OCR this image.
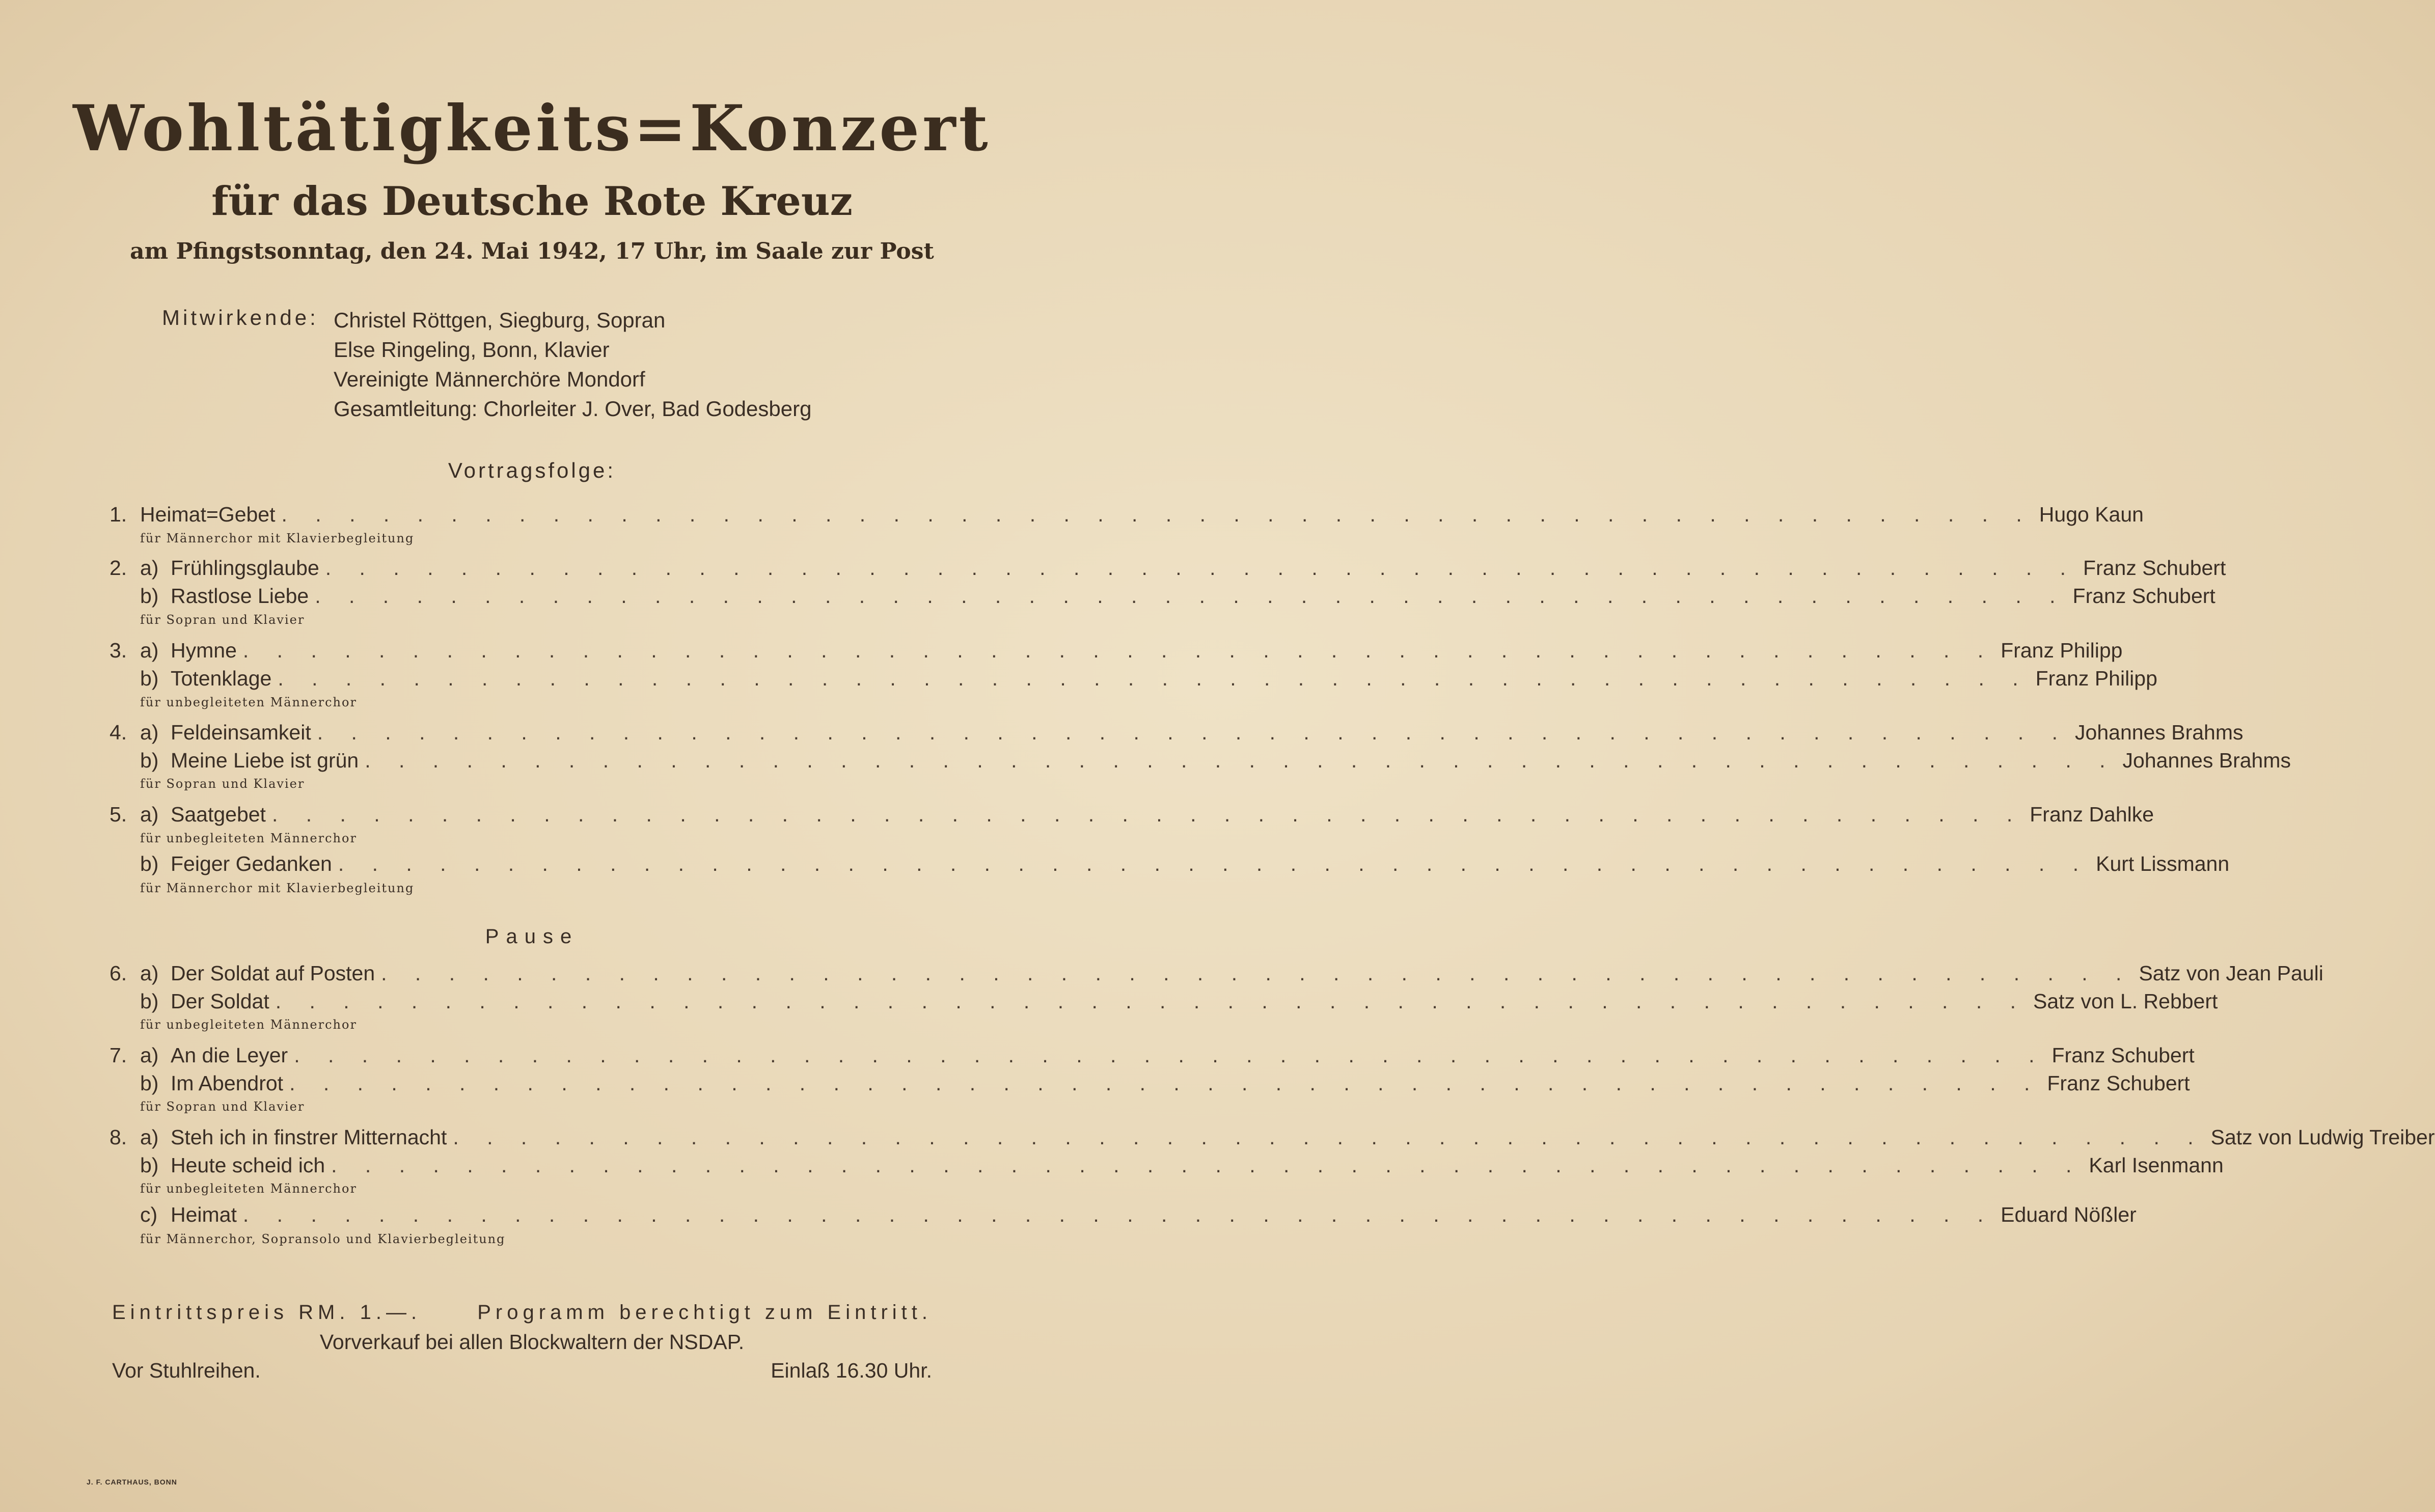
Wohltätigkeits=Konzert
für das Deutsche Rote Kreuz
am Pfingstsonntag, den 24. Mai 1942, 17 Uhr, im Saale zur Post
Mitwirkende: Christel Röttgen, Siegburg, Sopran
Else Ringeling, Bonn, Klavier
Vereinigte Männerchöre Mondorf
Gesamtleitung: Chorleiter J. Over, Bad Godesberg
Vortragsfolge:
1. Heimat=Gebet . . . . . . . . . . . . . . . . . . . . . . . . . . . . . . . . . . . . . . . . . . . . . . . . . . . . Hugo Kaun
für Männerchor mit Klavierbegleitung
2. a) Frühlingsglaube . . . . . . . . . . . . . . . . . . . . . . . . . . . . . . . . . . . . . . . . . . . . . . . . . . . . Franz Schubert
b) Rastlose Liebe . . . . . . . . . . . . . . . . . . . . . . . . . . . . . . . . . . . . . . . . . . . . . . . . . . . . Franz Schubert
für Sopran und Klavier
3. a) Hymne . . . . . . . . . . . . . . . . . . . . . . . . . . . . . . . . . . . . . . . . . . . . . . . . . . . . Franz Philipp
b) Totenklage . . . . . . . . . . . . . . . . . . . . . . . . . . . . . . . . . . . . . . . . . . . . . . . . . . . . Franz Philipp
für unbegleiteten Männerchor
4. a) Feldeinsamkeit . . . . . . . . . . . . . . . . . . . . . . . . . . . . . . . . . . . . . . . . . . . . . . . . . . . . Johannes Brahms
b) Meine Liebe ist grün . . . . . . . . . . . . . . . . . . . . . . . . . . . . . . . . . . . . . . . . . . . . . . . . . . . . Johannes Brahms
für Sopran und Klavier
5. a) Saatgebet . . . . . . . . . . . . . . . . . . . . . . . . . . . . . . . . . . . . . . . . . . . . . . . . . . . . Franz Dahlke
für unbegleiteten Männerchor
b) Feiger Gedanken . . . . . . . . . . . . . . . . . . . . . . . . . . . . . . . . . . . . . . . . . . . . . . . . . . . . Kurt Lissmann
für Männerchor mit Klavierbegleitung
Pause
6. a) Der Soldat auf Posten . . . . . . . . . . . . . . . . . . . . . . . . . . . . . . . . . . . . . . . . . . . . . . . . . . . . Satz von Jean Pauli
b) Der Soldat . . . . . . . . . . . . . . . . . . . . . . . . . . . . . . . . . . . . . . . . . . . . . . . . . . . . Satz von L. Rebbert
für unbegleiteten Männerchor
7. a) An die Leyer . . . . . . . . . . . . . . . . . . . . . . . . . . . . . . . . . . . . . . . . . . . . . . . . . . . . Franz Schubert
b) Im Abendrot . . . . . . . . . . . . . . . . . . . . . . . . . . . . . . . . . . . . . . . . . . . . . . . . . . . . Franz Schubert
für Sopran und Klavier
8. a) Steh ich in finstrer Mitternacht . . . . . . . . . . . . . . . . . . . . . . . . . . . . . . . . . . . . . . . . . . . . . . . . . . . . Satz von Ludwig Treiber
b) Heute scheid ich . . . . . . . . . . . . . . . . . . . . . . . . . . . . . . . . . . . . . . . . . . . . . . . . . . . . Karl Isenmann
für unbegleiteten Männerchor
c) Heimat . . . . . . . . . . . . . . . . . . . . . . . . . . . . . . . . . . . . . . . . . . . . . . . . . . . . Eduard Nößler
für Männerchor, Sopransolo und Klavierbegleitung
Eintrittspreis RM. 1.—.	Programm berechtigt zum Eintritt.
Vorverkauf bei allen Blockwaltern der NSDAP.
Vor Stuhlreihen.	Einlaß 16.30 Uhr.
J. F. CARTHAUS, BONN
